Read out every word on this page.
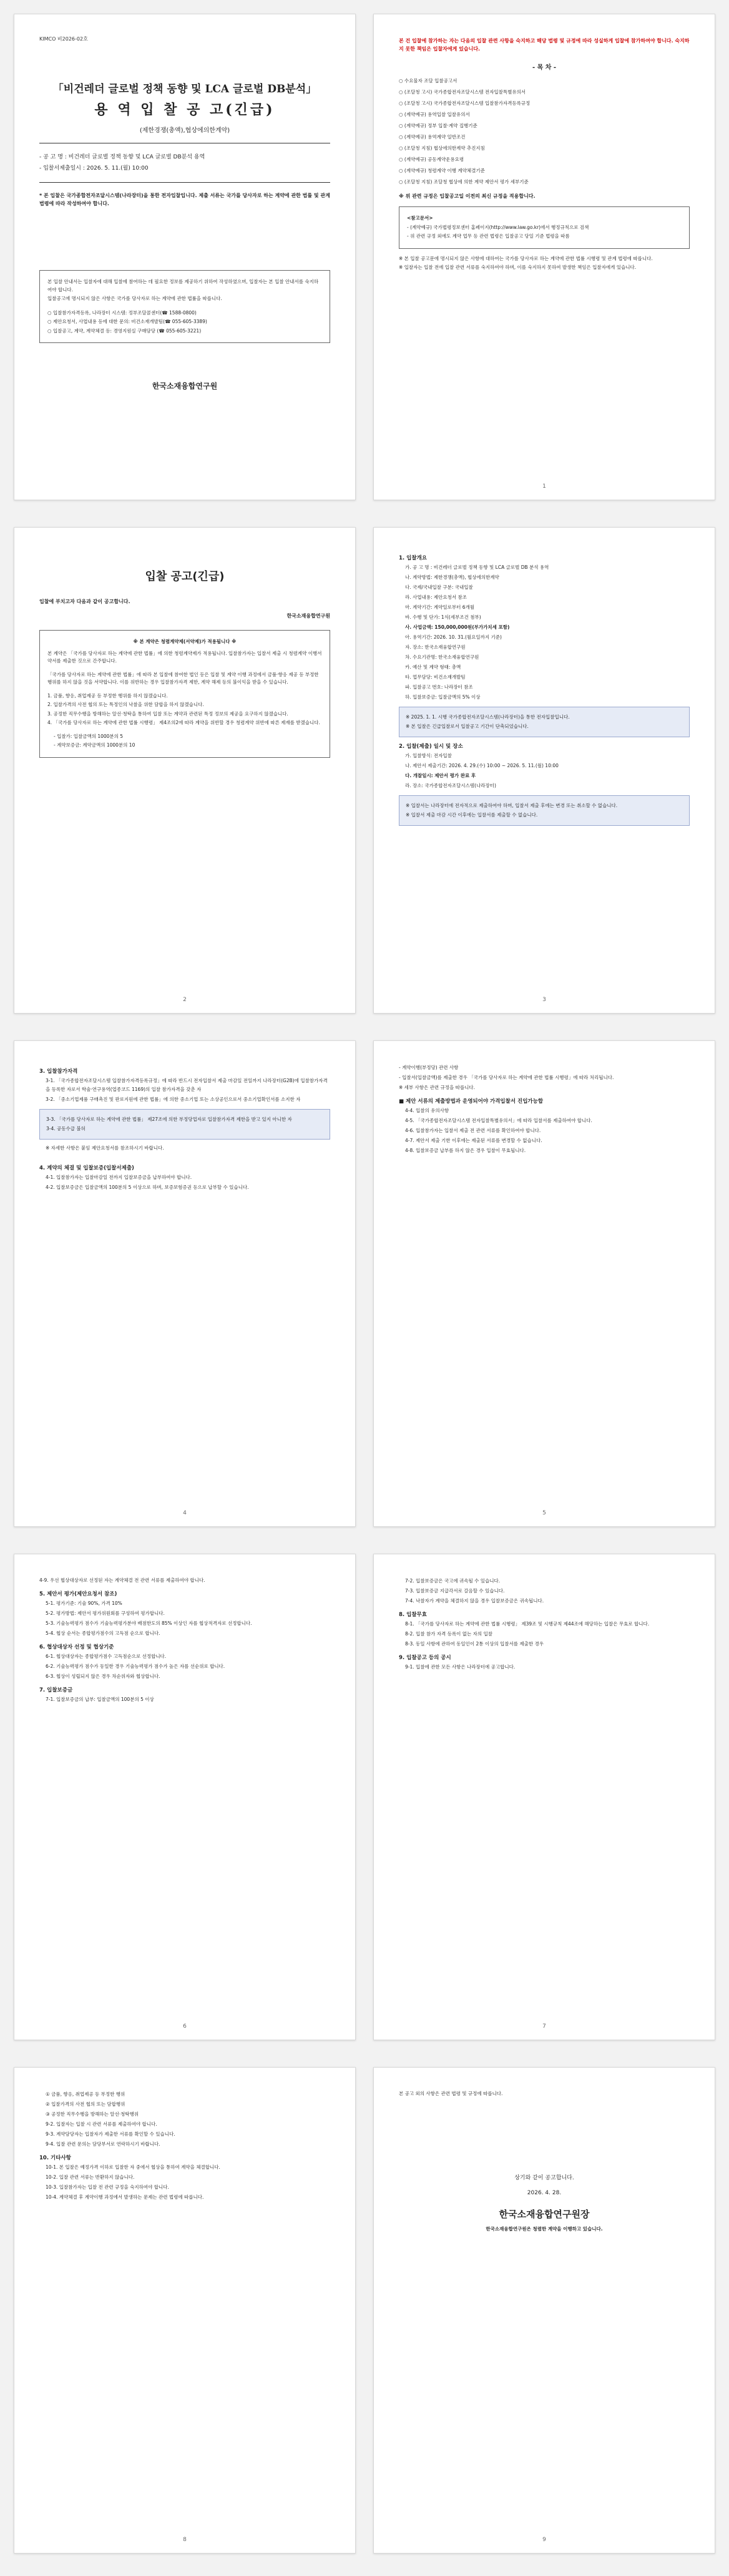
KIMCO 비2026-02호
「비건레더 글로벌 정책 동향 및 LCA 글로벌 DB분석」
용 역 입 찰 공 고(긴급)
(제한경쟁(총액),협상에의한계약)

- 공 고 명 : 비건레더 글로벌 정책 동향 및 LCA 글로벌 DB분석 용역

- 입찰서제출일시 : 2026. 5. 11.(월) 10:00

* 본 입찰은 국가종합전자조달시스템(나라장터)을 통한 전자입찰입니다. 제출 서류는 국가를 당사자로 하는 계약에 관한 법률 및 관계 법령에 따라 작성하여야 합니다.

본 입찰 안내서는 입찰자에 대해 입찰에 참여하는 데 필요한 정보를 제공하기 위하여 작성하였으며, 입찰자는 본 입찰 안내서를 숙지하여야 합니다.

입찰공고에 명시되지 않은 사항은 국가를 당사자로 하는 계약에 관한 법률을 따릅니다.

○ 입찰참가자격등록, 나라장터 시스템: 정부조달콜센터(☎ 1588-0800)

○ 제안요청서, 사업내용 등에 대한 문의: 비건소재개발팀(☎ 055-605-3389)

○ 입찰공고, 계약, 계약체결 등: 경영지원실 구매담당 (☎ 055-605-3221)

한국소재융합연구원

본 건 입찰에 참가하는 자는 다음의 입찰 관련 사항을 숙지하고 해당 법령 및 규정에 따라 성실하게 입찰에 참가하여야 합니다. 숙지하지 못한 책임은 입찰자에게 있습니다.

- 목 차 -

○ 수요물자 조달 입찰공고서

○ (조달청 고시) 국가종합전자조달시스템 전자입찰특별유의서

○ (조달청 고시) 국가종합전자조달시스템 입찰참가자격등록규정

○ (계약예규) 용역입찰 입찰유의서

○ (계약예규) 정부 입찰·계약 집행기준

○ (계약예규) 용역계약 일반조건

○ (조달청 지침) 협상에의한계약 추진지침

○ (계약예규) 공동계약운용요령

○ (계약예규) 청렴계약 이행 계약체결기준

○ (조달청 지침) 조달청 협상에 의한 계약 제안서 평가 세부기준

※ 위 관련 규정은 입찰공고일 이전의 최신 규정을 적용합니다.

<참고문서>

- (계약예규) 국가법령정보센터 홈페이지(http://www.law.go.kr)에서 행정규칙으로 검색

- 위 관련 규정 외에도 계약 업무 등 관련 법령은 입찰공고 당일 기준 법령을 따름

※ 본 입찰 공고문에 명시되지 않은 사항에 대하여는 국가를 당사자로 하는 계약에 관한 법률 시행령 및 관계 법령에 따릅니다.

※ 입찰자는 입찰 전에 입찰 관련 서류를 숙지하여야 하며, 이를 숙지하지 못하여 발생한 책임은 입찰자에게 있습니다.

1
입찰 공고(긴급)

입찰에 부치고자 다음과 같이 공고합니다.

한국소재융합연구원

※ 본 계약은 청렴계약제(서약제)가 적용됩니다 ※

본 계약은 「국가를 당사자로 하는 계약에 관한 법률」에 의한 청렴계약제가 적용됩니다. 입찰참가자는 입찰서 제출 시 청렴계약 이행서약서를 제출한 것으로 간주합니다.

「국가를 당사자로 하는 계약에 관한 법률」에 따라 본 입찰에 참여한 법인 등은 입찰 및 계약 이행 과정에서 금품·향응 제공 등 부정한 행위를 하지 않을 것을 서약합니다. 이를 위반하는 경우 입찰참가자격 제한, 계약 해제 등의 불이익을 받을 수 있습니다.

1. 금품, 향응, 취업제공 등 부정한 행위를 하지 않겠습니다.

2. 입찰가격의 사전 협의 또는 특정인의 낙찰을 위한 담합을 하지 않겠습니다.

3. 공정한 직무수행을 방해하는 알선·청탁을 통하여 입찰 또는 계약과 관련된 특정 정보의 제공을 요구하지 않겠습니다.

4. 「국가를 당사자로 하는 계약에 관한 법률 시행령」 제4조의2에 따라 계약을 위반할 경우 청렴계약 위반에 따른 제재를 받겠습니다.

- 입찰가: 입찰금액의 1000분의 5

- 계약보증금: 계약금액의 1000분의 10

2
1. 입찰개요

가. 공 고 명 : 비건레더 글로벌 정책 동향 및 LCA 글로벌 DB 분석 용역

나. 계약방법: 제한경쟁(총액), 협상에의한계약

다. 국제/국내입찰 구분: 국내입찰

라. 사업내용: 제안요청서 참조

마. 계약기간: 계약일로부터 6개월

바. 수행 및 단가: 1식(세부조건 첨부)

사. 사업금액: 150,000,000원(부가가치세 포함)

아. 용역기간: 2026. 10. 31.(월요일까지 기준)

자. 장소: 한국소재융합연구원

차. 수요기관명: 한국소재융합연구원

카. 예산 및 계약 형태: 총액

타. 업무담당: 비건소재개발팀

파. 입찰공고 번호: 나라장터 참조

하. 입찰보증금: 입찰금액의 5% 이상

※ 2025. 1. 1. 시행 국가종합전자조달시스템(나라장터)을 통한 전자입찰입니다.

※ 본 입찰은 긴급입찰로서 입찰공고 기간이 단축되었습니다.

2. 입찰(제출) 일시 및 장소

가. 입찰방식: 전자입찰

나. 제안서 제출기간: 2026. 4. 29.(수) 10:00 ~ 2026. 5. 11.(월) 10:00

다. 개찰일시: 제안서 평가 완료 후

라. 장소: 국가종합전자조달시스템(나라장터)

※ 입찰서는 나라장터에 전자적으로 제출하여야 하며, 입찰서 제출 후에는 변경 또는 취소할 수 없습니다.

※ 입찰서 제출 마감 시간 이후에는 입찰서를 제출할 수 없습니다.

3
3. 입찰참가자격

3-1. 「국가종합전자조달시스템 입찰참가자격등록규정」에 따라 반드시 전자입찰서 제출 마감일 전일까지 나라장터(G2B)에 입찰참가자격을 등록한 자로서 학술·연구용역(업종코드 1169)의 입찰 참가자격을 갖춘 자

3-2. 「중소기업제품 구매촉진 및 판로지원에 관한 법률」에 의한 중소기업 또는 소상공인으로서 중소기업확인서를 소지한 자

3-3. 「국가를 당사자로 하는 계약에 관한 법률」 제27조에 의한 부정당업자로 입찰참가자격 제한을 받고 있지 아니한 자

3-4. 공동수급 불허

※ 자세한 사항은 붙임 제안요청서를 참조하시기 바랍니다.

4. 계약의 체결 및 입찰보증(입찰서제출)

4-1. 입찰참가자는 입찰마감일 전까지 입찰보증금을 납부하여야 합니다.

4-2. 입찰보증금은 입찰금액의 100분의 5 이상으로 하며, 보증보험증권 등으로 납부할 수 있습니다.

4

- 계약이행(부정당) 관련 사항

- 입찰서(입찰금액)를 제출한 경우 「국가를 당사자로 하는 계약에 관한 법률 시행령」에 따라 처리됩니다.

※ 세부 사항은 관련 규정을 따릅니다.

■ 제안 서류의 제출방법과 운영되어야 가격입찰서 진입가능합

4-4. 입찰의 유의사항

4-5. 「국가종합전자조달시스템 전자입찰특별유의서」에 따라 입찰서를 제출하여야 합니다.

4-6. 입찰참가자는 입찰서 제출 전 관련 서류를 확인하여야 합니다.

4-7. 제안서 제출 기한 이후에는 제출된 서류를 변경할 수 없습니다.

4-8. 입찰보증금 납부를 하지 않은 경우 입찰이 무효됩니다.

5

4-9. 우선 협상대상자로 선정된 자는 계약체결 전 관련 서류를 제출하여야 합니다.

5. 제안서 평가(제안요청서 참조)

5-1. 평가기준: 기술 90%, 가격 10%

5-2. 평가방법: 제안서 평가위원회를 구성하여 평가합니다.

5-3. 기술능력평가 점수가 기술능력평가분야 배점한도의 85% 이상인 자를 협상적격자로 선정합니다.

5-4. 협상 순서는 종합평가점수의 고득점 순으로 합니다.

6. 협상대상자 선정 및 협상기준

6-1. 협상대상자는 종합평가점수 고득점순으로 선정합니다.

6-2. 기술능력평가 점수가 동일한 경우 기술능력평가 점수가 높은 자를 선순위로 합니다.

6-3. 협상이 성립되지 않은 경우 차순위자와 협상합니다.

7. 입찰보증금

7-1. 입찰보증금의 납부: 입찰금액의 100분의 5 이상

6

7-2. 입찰보증금은 국고에 귀속될 수 있습니다.

7-3. 입찰보증금 지급각서로 갈음할 수 있습니다.

7-4. 낙찰자가 계약을 체결하지 않을 경우 입찰보증금은 귀속됩니다.

8. 입찰무효

8-1. 「국가를 당사자로 하는 계약에 관한 법률 시행령」 제39조 및 시행규칙 제44조에 해당하는 입찰은 무효로 합니다.

8-2. 입찰 참가 자격 등록이 없는 자의 입찰

8-3. 동일 사항에 관하여 동일인이 2통 이상의 입찰서를 제출한 경우

9. 입찰공고 등의 공시

9-1. 입찰에 관한 모든 사항은 나라장터에 공고합니다.

7

① 금품, 향응, 취업제공 등 부정한 행위

② 입찰가격의 사전 협의 또는 담합행위

③ 공정한 직무수행을 방해하는 알선·청탁행위

9-2. 입찰자는 입찰 시 관련 서류를 제출하여야 합니다.

9-3. 계약담당자는 입찰자가 제출한 서류를 확인할 수 있습니다.

9-4. 입찰 관련 문의는 담당부서로 연락하시기 바랍니다.

10. 기타사항

10-1. 본 입찰은 예정가격 이하로 입찰한 자 중에서 협상을 통하여 계약을 체결합니다.

10-2. 입찰 관련 서류는 반환하지 않습니다.

10-3. 입찰참가자는 입찰 전 관련 규정을 숙지하여야 합니다.

10-4. 계약체결 후 계약이행 과정에서 발생하는 문제는 관련 법령에 따릅니다.

8

본 공고 외의 사항은 관련 법령 및 규정에 따릅니다.

상기와 같이 공고합니다.
2026. 4. 28.
한국소재융합연구원장

한국소재융합연구원은 청렴한 계약을 이행하고 있습니다.

9
